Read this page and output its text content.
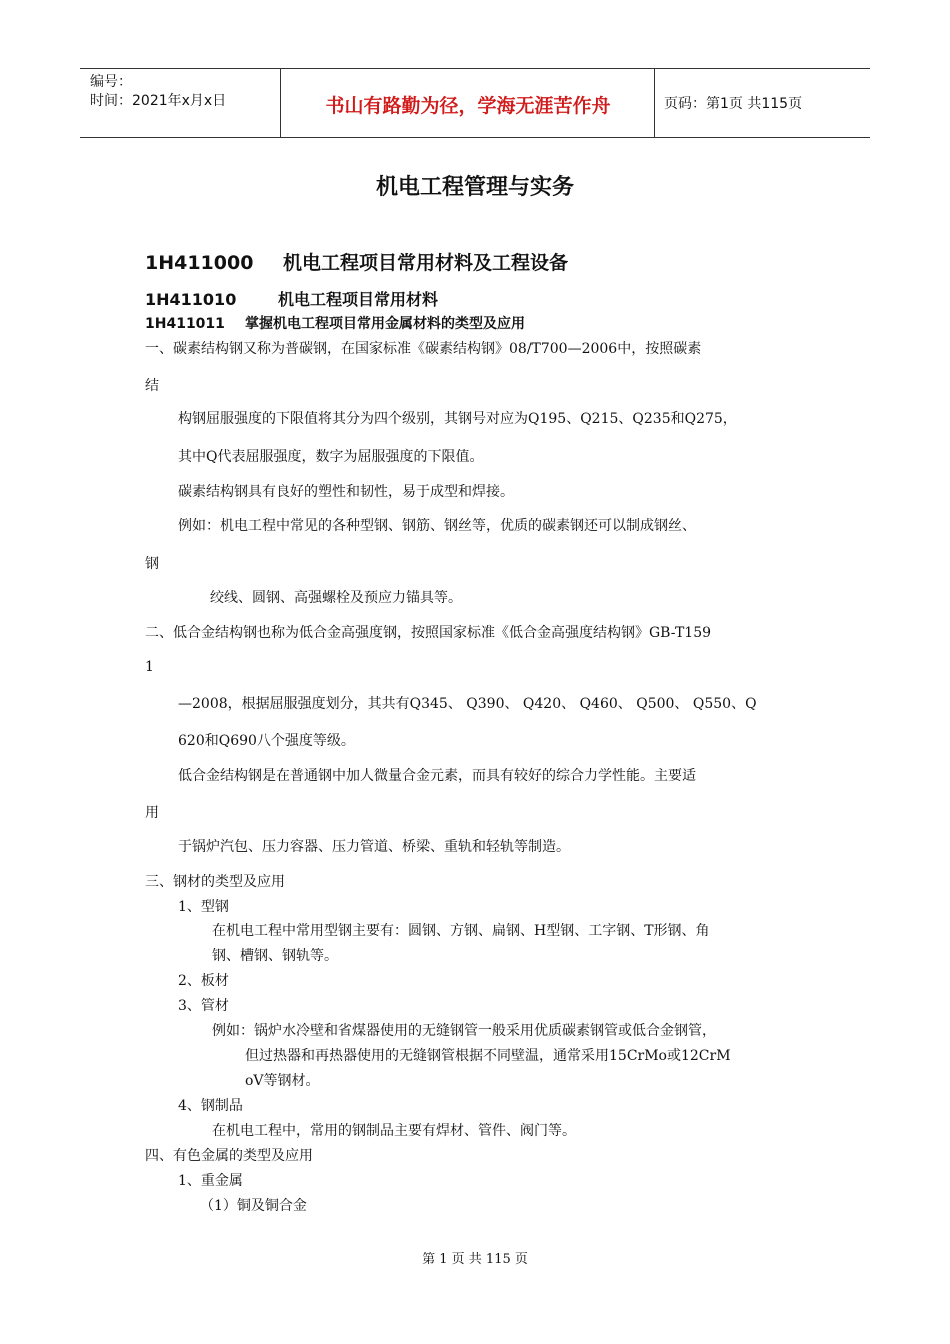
编号：
时间：2021年x月x日	书山有路勤为径，学海无涯苦作舟	页码：第1页 共115页
机电工程管理与实务
1H411000 机电工程项目常用材料及工程设备
1H411010	机电工程项目常用材料
1H411011 掌握机电工程项目常用金属材料的类型及应用
一、碳素结构钢又称为普碳钢，在国家标准《碳素结构钢》08/T700—2006中，按照碳素
结
构钢屈服强度的下限值将其分为四个级别，其钢号对应为Q195、Q215、Q235和Q275，
其中Q代表屈服强度，数字为屈服强度的下限值。
碳素结构钢具有良好的塑性和韧性，易于成型和焊接。
例如：机电工程中常见的各种型钢、钢筋、钢丝等，优质的碳素钢还可以制成钢丝、
钢
绞线、圆钢、高强螺栓及预应力锚具等。
二、低合金结构钢也称为低合金高强度钢，按照国家标准《低合金高强度结构钢》GB-T159
1
—2008，根据屈服强度划分，其共有Q345、 Q390、 Q420、 Q460、 Q500、 Q550、Q
620和Q690八个强度等级。
低合金结构钢是在普通钢中加人微量合金元素，而具有较好的综合力学性能。主要适
用
于锅炉汽包、压力容器、压力管道、桥梁、重轨和轻轨等制造。
三、钢材的类型及应用
1、型钢
在机电工程中常用型钢主要有：圆钢、方钢、扁钢、H型钢、工字钢、T形钢、角
钢、槽钢、钢轨等。
2、板材
3、管材
例如：锅炉水冷壁和省煤器使用的无缝钢管一般采用优质碳素钢管或低合金钢管，
但过热器和再热器使用的无缝钢管根据不同壁温，通常采用15CrMo或12CrM
oV等钢材。
4、钢制品
在机电工程中，常用的钢制品主要有焊材、管件、阀门等。
四、有色金属的类型及应用
1、重金属
（1）铜及铜合金
第 1 页 共 115 页
